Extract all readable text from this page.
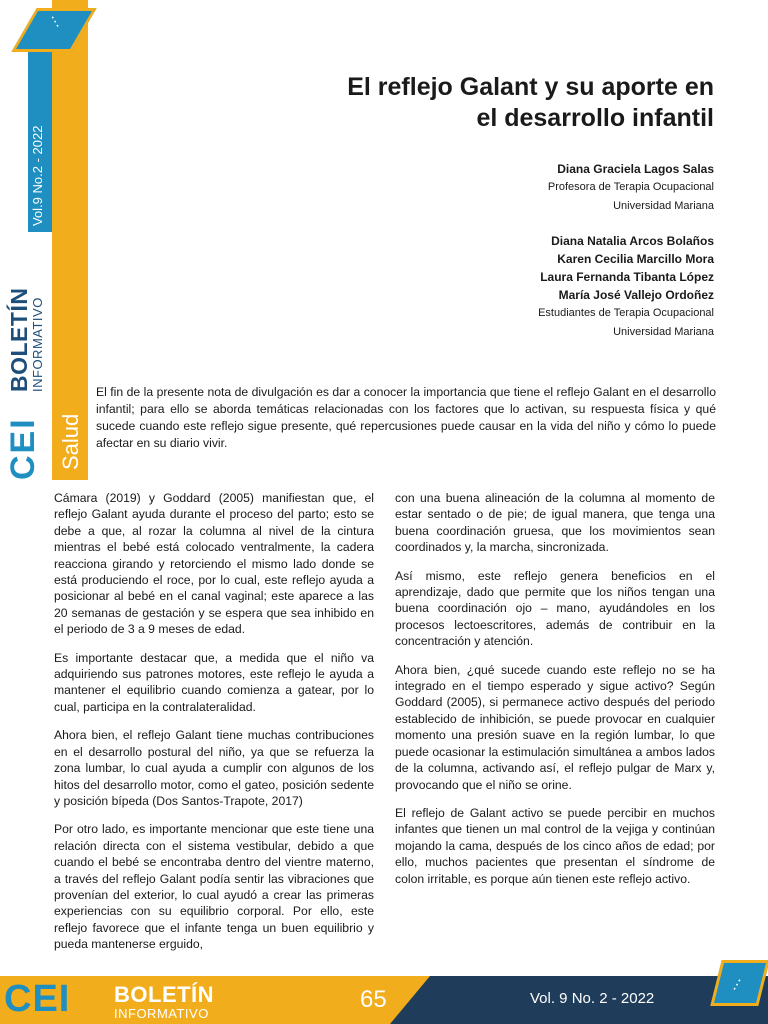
⋮
Vol.9 No.2 - 2022
Salud
BOLETÍN
INFORMATIVO
CEI
El reflejo Galant y su aporte en
el desarrollo infantil
Diana Graciela Lagos Salas
Profesora de Terapia Ocupacional
Universidad Mariana
Diana Natalia Arcos Bolaños
Karen Cecilia Marcillo Mora
Laura Fernanda Tibanta López
María José Vallejo Ordoñez
Estudiantes de Terapia Ocupacional
Universidad Mariana
El fin de la presente nota de divulgación es dar a conocer la importancia que tiene el reflejo Galant en el desarrollo infantil; para ello se aborda temáticas relacionadas con los factores que lo activan, su respuesta física y qué sucede cuando este reflejo sigue presente, qué repercusiones puede causar en la vida del niño y cómo lo puede afectar en su diario vivir.

Cámara (2019) y Goddard (2005) manifiestan que, el reflejo Galant ayuda durante el proceso del parto; esto se debe a que, al rozar la columna al nivel de la cintura mientras el bebé está colocado ventralmente, la cadera reacciona girando y retorciendo el mismo lado donde se está produciendo el roce, por lo cual, este reflejo ayuda a posicionar al bebé en el canal vaginal; este aparece a las 20 semanas de gestación y se espera que sea inhibido en el periodo de 3 a 9 meses de edad.

Es importante destacar que, a medida que el niño va adquiriendo sus patrones motores, este reflejo le ayuda a mantener el equilibrio cuando comienza a gatear, por lo cual, participa en la contralateralidad.

Ahora bien, el reflejo Galant tiene muchas contribuciones en el desarrollo postural del niño, ya que se refuerza la zona lumbar, lo cual ayuda a cumplir con algunos de los hitos del desarrollo motor, como el gateo, posición sedente y posición bípeda (Dos Santos-Trapote, 2017)

Por otro lado, es importante mencionar que este tiene una relación directa con el sistema vestibular, debido a que cuando el bebé se encontraba dentro del vientre materno, a través del reflejo Galant podía sentir las vibraciones que provenían del exterior, lo cual ayudó a crear las primeras experiencias con su equilibrio corporal. Por ello, este reflejo favorece que el infante tenga un buen equilibrio y pueda mantenerse erguido,

con una buena alineación de la columna al momento de estar sentado o de pie; de igual manera, que tenga una buena coordinación gruesa, que los movimientos sean coordinados y, la marcha, sincronizada.

Así mismo, este reflejo genera beneficios en el aprendizaje, dado que permite que los niños tengan una buena coordinación ojo – mano, ayudándoles en los procesos lectoescritores, además de contribuir en la concentración y atención.

Ahora bien, ¿qué sucede cuando este reflejo no se ha integrado en el tiempo esperado y sigue activo? Según Goddard (2005), si permanece activo después del periodo establecido de inhibición, se puede provocar en cualquier momento una presión suave en la región lumbar, lo que puede ocasionar la estimulación simultánea a ambos lados de la columna, activando así, el reflejo pulgar de Marx y, provocando que el niño se orine.

El reflejo de Galant activo se puede percibir en muchos infantes que tienen un mal control de la vejiga y continúan mojando la cama, después de los cinco años de edad; por ello, muchos pacientes que presentan el síndrome de colon irritable, es porque aún tienen este reflejo activo.

CEI BOLETÍN
INFORMATIVO
65	Vol. 9 No. 2 - 2022
⋮
